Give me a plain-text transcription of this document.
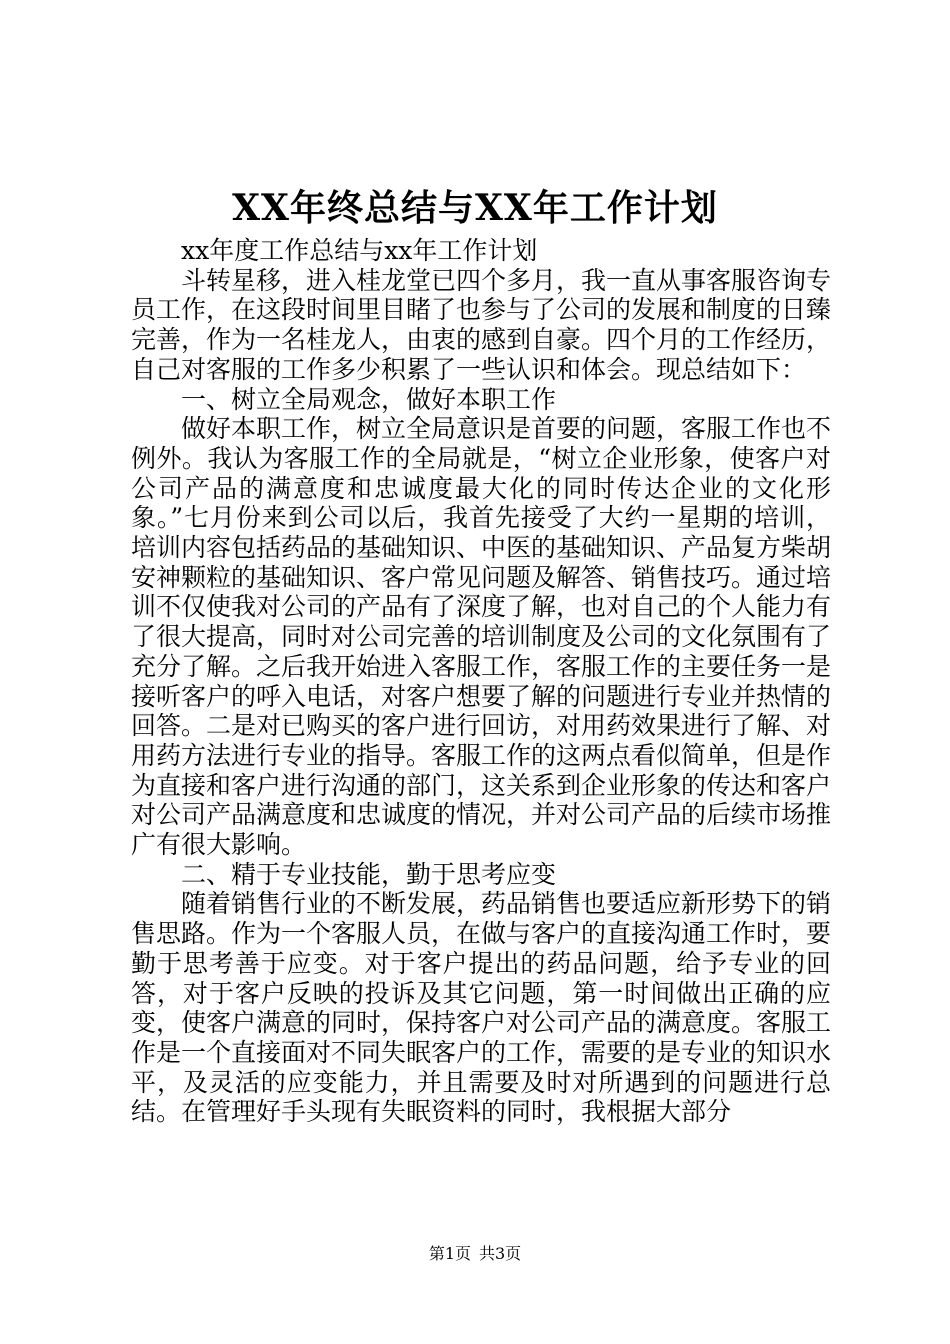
XX年终总结与XX年工作计划

xx年度工作总结与xx年工作计划

斗转星移，进入桂龙堂已四个多月，我一直从事客服咨询专员工作，在这段时间里目睹了也参与了公司的发展和制度的日臻完善，作为一名桂龙人，由衷的感到自豪。四个月的工作经历，自己对客服的工作多少积累了一些认识和体会。现总结如下：

一、树立全局观念，做好本职工作

做好本职工作，树立全局意识是首要的问题，客服工作也不例外。我认为客服工作的全局就是，“树立企业形象，使客户对公司产品的满意度和忠诚度最大化的同时传达企业的文化形象。”七月份来到公司以后，我首先接受了大约一星期的培训，培训内容包括药品的基础知识、中医的基础知识、产品复方柴胡安神颗粒的基础知识、客户常见问题及解答、销售技巧。通过培训不仅使我对公司的产品有了深度了解，也对自己的个人能力有了很大提高，同时对公司完善的培训制度及公司的文化氛围有了充分了解。之后我开始进入客服工作，客服工作的主要任务一是接听客户的呼入电话，对客户想要了解的问题进行专业并热情的回答。二是对已购买的客户进行回访，对用药效果进行了解、对用药方法进行专业的指导。客服工作的这两点看似简单，但是作为直接和客户进行沟通的部门，这关系到企业形象的传达和客户对公司产品满意度和忠诚度的情况，并对公司产品的后续市场推广有很大影响。

二、精于专业技能，勤于思考应变

随着销售行业的不断发展，药品销售也要适应新形势下的销售思路。作为一个客服人员，在做与客户的直接沟通工作时，要勤于思考善于应变。对于客户提出的药品问题，给予专业的回答，对于客户反映的投诉及其它问题，第一时间做出正确的应变，使客户满意的同时，保持客户对公司产品的满意度。客服工作是一个直接面对不同失眠客户的工作，需要的是专业的知识水平，及灵活的应变能力，并且需要及时对所遇到的问题进行总结。在管理好手头现有失眠资料的同时，我根据大部分

第1页 共3页
